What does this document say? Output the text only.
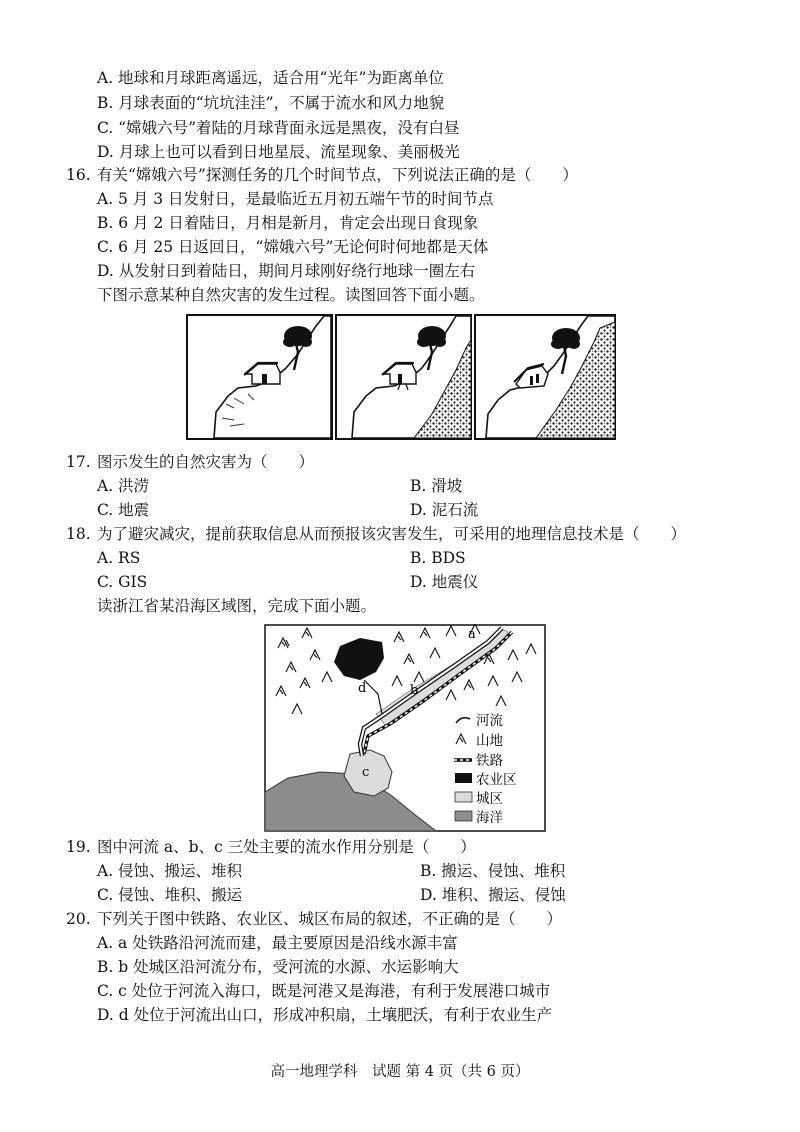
A. 地球和月球距离遥远，适合用“光年”为距离单位
B. 月球表面的“坑坑洼洼”，不属于流水和风力地貌
C. “嫦娥六号”着陆的月球背面永远是黑夜，没有白昼
D. 月球上也可以看到日地星辰、流星现象、美丽极光
16. 有关“嫦娥六号”探测任务的几个时间节点，下列说法正确的是（　　）
A. 5 月 3 日发射日，是最临近五月初五端午节的时间节点
B. 6 月 2 日着陆日，月相是新月，肯定会出现日食现象
C. 6 月 25 日返回日，“嫦娥六号”无论何时何地都是天体
D. 从发射日到着陆日，期间月球刚好绕行地球一圈左右
下图示意某种自然灾害的发生过程。读图回答下面小题。
17. 图示发生的自然灾害为（　　）
A. 洪涝	B. 滑坡
C. 地震	D. 泥石流
18. 为了避灾减灾，提前获取信息从而预报该灾害发生，可采用的地理信息技术是（　　）
A. RS	B. BDS
C. GIS	D. 地震仪
读浙江省某沿海区域图，完成下面小题。
a
b
c
d
河流
山地
铁路
农业区
城区
海洋
19. 图中河流 a、b、c 三处主要的流水作用分别是（　　）
A. 侵蚀、搬运、堆积	B. 搬运、侵蚀、堆积
C. 侵蚀、堆积、搬运	D. 堆积、搬运、侵蚀
20. 下列关于图中铁路、农业区、城区布局的叙述，不正确的是（　　）
A. a 处铁路沿河流而建，最主要原因是沿线水源丰富
B. b 处城区沿河流分布，受河流的水源、水运影响大
C. c 处位于河流入海口，既是河港又是海港，有利于发展港口城市
D. d 处位于河流出山口，形成冲积扇，土壤肥沃，有利于农业生产
高一地理学科　试题 第 4 页（共 6 页）
